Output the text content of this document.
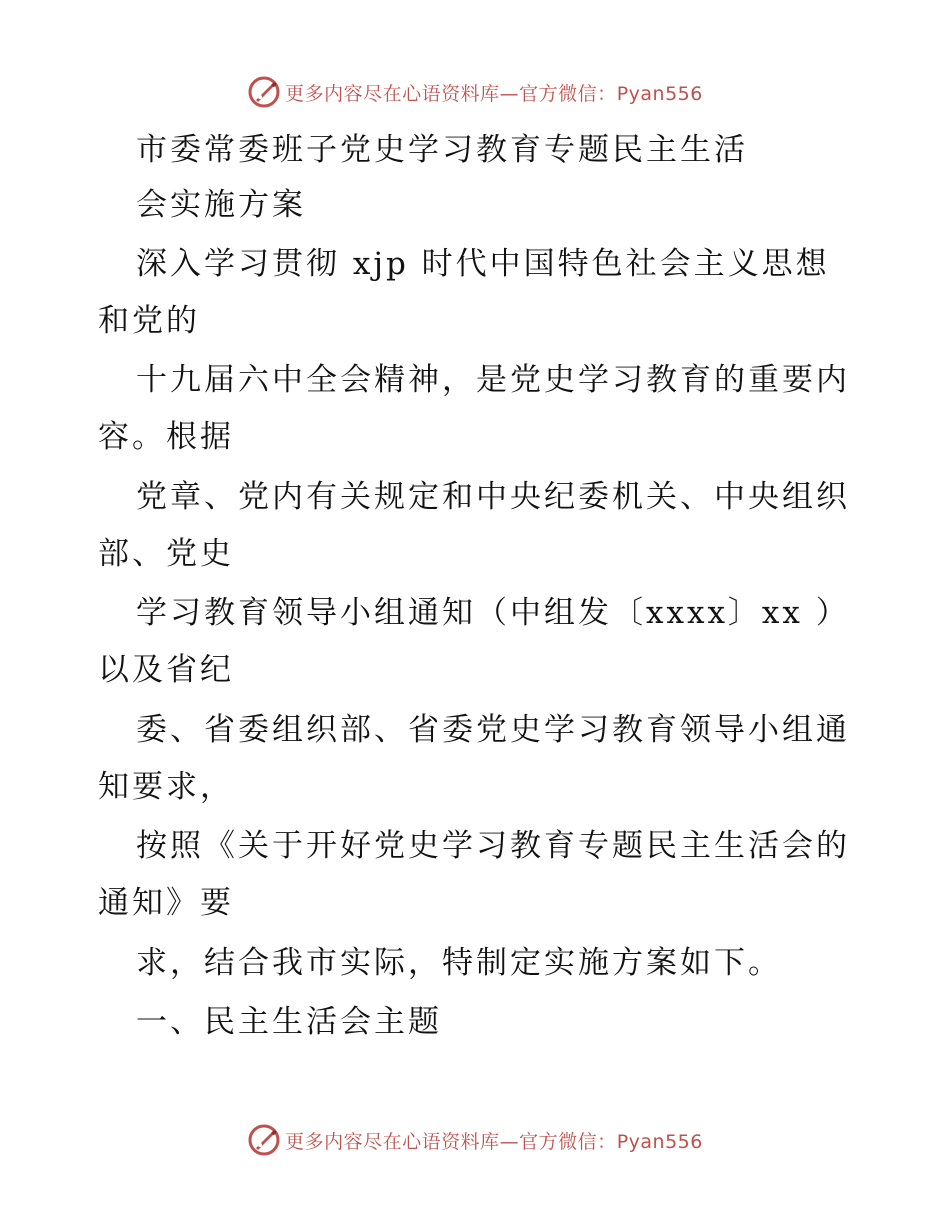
更多内容尽在心语资料库—官方微信：Pyan556
市委常委班子党史学习教育专题民主生活
会实施方案
深入学习贯彻 xjp 时代中国特色社会主义思想
和党的
十九届六中全会精神，是党史学习教育的重要内
容。根据
党章、党内有关规定和中央纪委机关、中央组织
部、党史
学习教育领导小组通知（中组发〔xxxx〕xx ）
以及省纪
委、省委组织部、省委党史学习教育领导小组通
知要求，
按照《关于开好党史学习教育专题民主生活会的
通知》要
求，结合我市实际，特制定实施方案如下。
一、民主生活会主题
更多内容尽在心语资料库—官方微信：Pyan556
